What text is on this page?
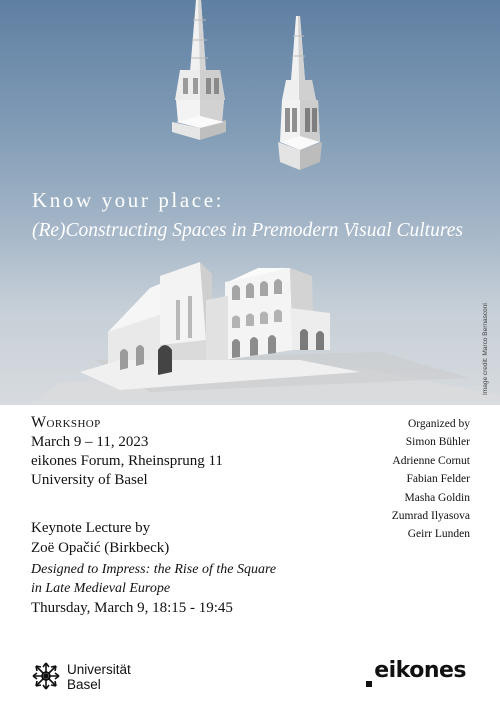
Know your place:
(Re)Constructing Spaces in Premodern Visual Cultures
Image credit: Marco Bernasconi
Workshop
March 9 – 11, 2023
eikones Forum, Rheinsprung 11
University of Basel
Organized by
Simon Bühler
Adrienne Cornut
Fabian Felder
Masha Goldin
Zumrad Ilyasova
Geirr Lunden
Keynote Lecture by
Zoë Opačić (Birkbeck)
Designed to Impress: the Rise of the Square
in Late Medieval Europe
Thursday, March 9, 18:15 - 19:45
Universität
Basel
eikones
